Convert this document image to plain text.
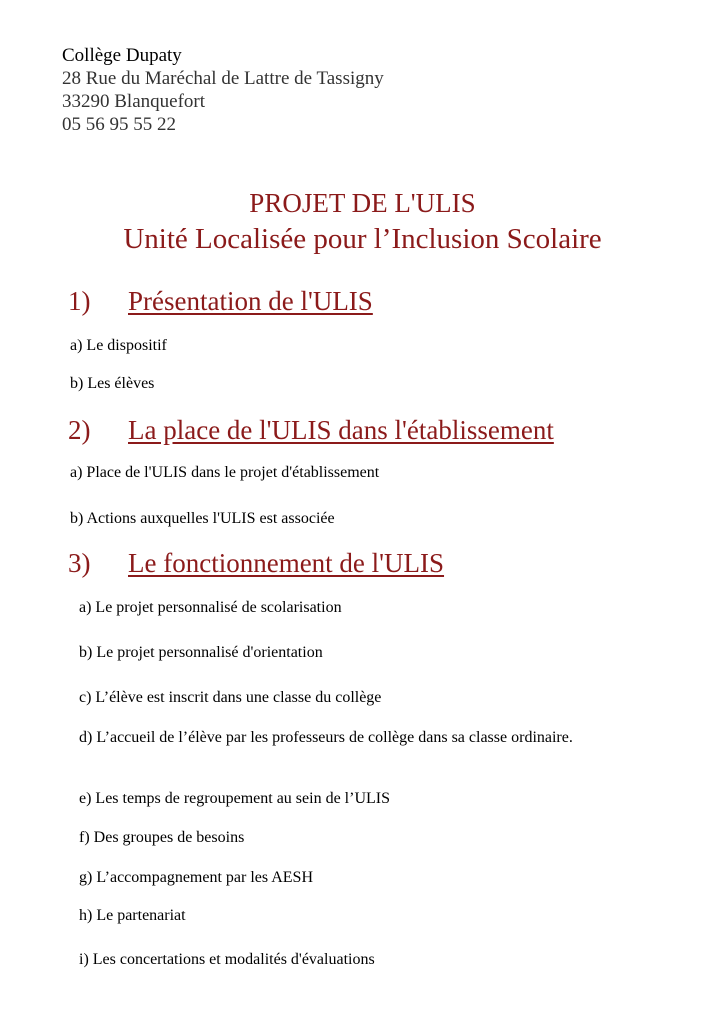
Collège Dupaty
28 Rue du Maréchal de Lattre de Tassigny
33290 Blanquefort
05 56 95 55 22
PROJET DE L'ULIS
Unité Localisée pour l’Inclusion Scolaire
1) Présentation de l'ULIS
a) Le dispositif
b) Les élèves
2) La place de l'ULIS dans l'établissement
a) Place de l'ULIS dans le projet d'établissement
b) Actions auxquelles l'ULIS est associée
3) Le fonctionnement de l'ULIS
a) Le projet personnalisé de scolarisation
b) Le projet personnalisé d'orientation
c) L’élève est inscrit dans une classe du collège
d) L’accueil de l’élève par les professeurs de collège dans sa classe ordinaire.
e) Les temps de regroupement au sein de l’ULIS
f) Des groupes de besoins
g) L’accompagnement par les AESH
h) Le partenariat
i) Les concertations et modalités d'évaluations
